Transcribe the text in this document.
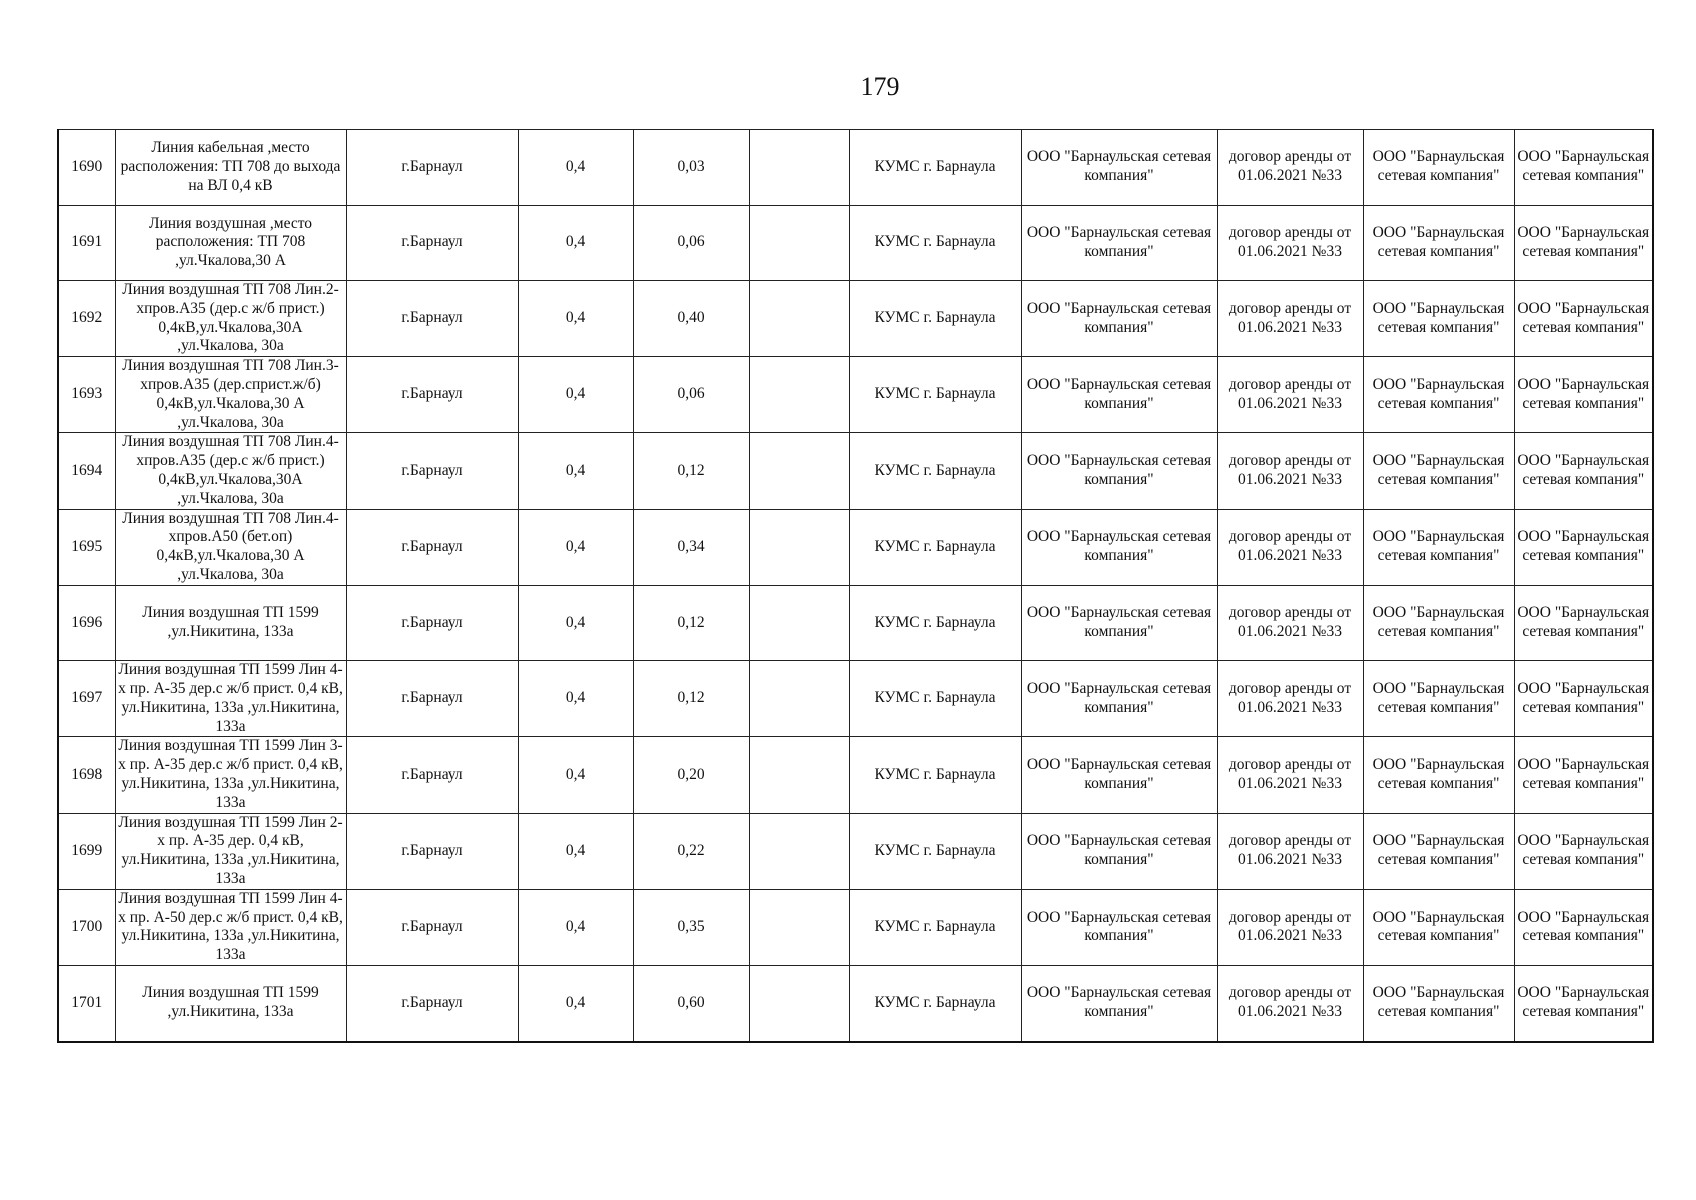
179
1690	Линия кабельная ,место расположения: ТП 708 до выхода на ВЛ 0,4 кВ	г.Барнаул	0,4	0,03		КУМС г. Барнаула	ООО "Барнаульская сетевая компания"	договор аренды от 01.06.2021 №33	ООО "Барнаульская сетевая компания"	ООО "Барнаульская сетевая компания"
1691	Линия воздушная ,место расположения: ТП 708 ,ул.Чкалова,30 А	г.Барнаул	0,4	0,06		КУМС г. Барнаула	ООО "Барнаульская сетевая компания"	договор аренды от 01.06.2021 №33	ООО "Барнаульская сетевая компания"	ООО "Барнаульская сетевая компания"
1692	Линия воздушная ТП 708 Лин.2-хпров.А35 (дер.с ж/б прист.) 0,4кВ,ул.Чкалова,30А ,ул.Чкалова, 30а	г.Барнаул	0,4	0,40		КУМС г. Барнаула	ООО "Барнаульская сетевая компания"	договор аренды от 01.06.2021 №33	ООО "Барнаульская сетевая компания"	ООО "Барнаульская сетевая компания"
1693	Линия воздушная ТП 708 Лин.3-хпров.А35 (дер.сприст.ж/б) 0,4кВ,ул.Чкалова,30 А ,ул.Чкалова, 30а	г.Барнаул	0,4	0,06		КУМС г. Барнаула	ООО "Барнаульская сетевая компания"	договор аренды от 01.06.2021 №33	ООО "Барнаульская сетевая компания"	ООО "Барнаульская сетевая компания"
1694	Линия воздушная ТП 708 Лин.4-хпров.А35 (дер.с ж/б прист.) 0,4кВ,ул.Чкалова,30А ,ул.Чкалова, 30а	г.Барнаул	0,4	0,12		КУМС г. Барнаула	ООО "Барнаульская сетевая компания"	договор аренды от 01.06.2021 №33	ООО "Барнаульская сетевая компания"	ООО "Барнаульская сетевая компания"
1695	Линия воздушная ТП 708 Лин.4-хпров.А50 (бет.оп) 0,4кВ,ул.Чкалова,30 А ,ул.Чкалова, 30а	г.Барнаул	0,4	0,34		КУМС г. Барнаула	ООО "Барнаульская сетевая компания"	договор аренды от 01.06.2021 №33	ООО "Барнаульская сетевая компания"	ООО "Барнаульская сетевая компания"
1696	Линия воздушная ТП 1599 ,ул.Никитина, 133а	г.Барнаул	0,4	0,12		КУМС г. Барнаула	ООО "Барнаульская сетевая компания"	договор аренды от 01.06.2021 №33	ООО "Барнаульская сетевая компания"	ООО "Барнаульская сетевая компания"
1697	Линия воздушная ТП 1599 Лин 4-х пр. А-35 дер.с ж/б прист. 0,4 кВ, ул.Никитина, 133а ,ул.Никитина, 133а	г.Барнаул	0,4	0,12		КУМС г. Барнаула	ООО "Барнаульская сетевая компания"	договор аренды от 01.06.2021 №33	ООО "Барнаульская сетевая компания"	ООО "Барнаульская сетевая компания"
1698	Линия воздушная ТП 1599 Лин 3-х пр. А-35 дер.с ж/б прист. 0,4 кВ, ул.Никитина, 133а ,ул.Никитина, 133а	г.Барнаул	0,4	0,20		КУМС г. Барнаула	ООО "Барнаульская сетевая компания"	договор аренды от 01.06.2021 №33	ООО "Барнаульская сетевая компания"	ООО "Барнаульская сетевая компания"
1699	Линия воздушная ТП 1599 Лин 2-х пр. А-35 дер. 0,4 кВ, ул.Никитина, 133а ,ул.Никитина, 133а	г.Барнаул	0,4	0,22		КУМС г. Барнаула	ООО "Барнаульская сетевая компания"	договор аренды от 01.06.2021 №33	ООО "Барнаульская сетевая компания"	ООО "Барнаульская сетевая компания"
1700	Линия воздушная ТП 1599 Лин 4-х пр. А-50 дер.с ж/б прист. 0,4 кВ, ул.Никитина, 133а ,ул.Никитина, 133а	г.Барнаул	0,4	0,35		КУМС г. Барнаула	ООО "Барнаульская сетевая компания"	договор аренды от 01.06.2021 №33	ООО "Барнаульская сетевая компания"	ООО "Барнаульская сетевая компания"
1701	Линия воздушная ТП 1599 ,ул.Никитина, 133а	г.Барнаул	0,4	0,60		КУМС г. Барнаула	ООО "Барнаульская сетевая компания"	договор аренды от 01.06.2021 №33	ООО "Барнаульская сетевая компания"	ООО "Барнаульская сетевая компания"
